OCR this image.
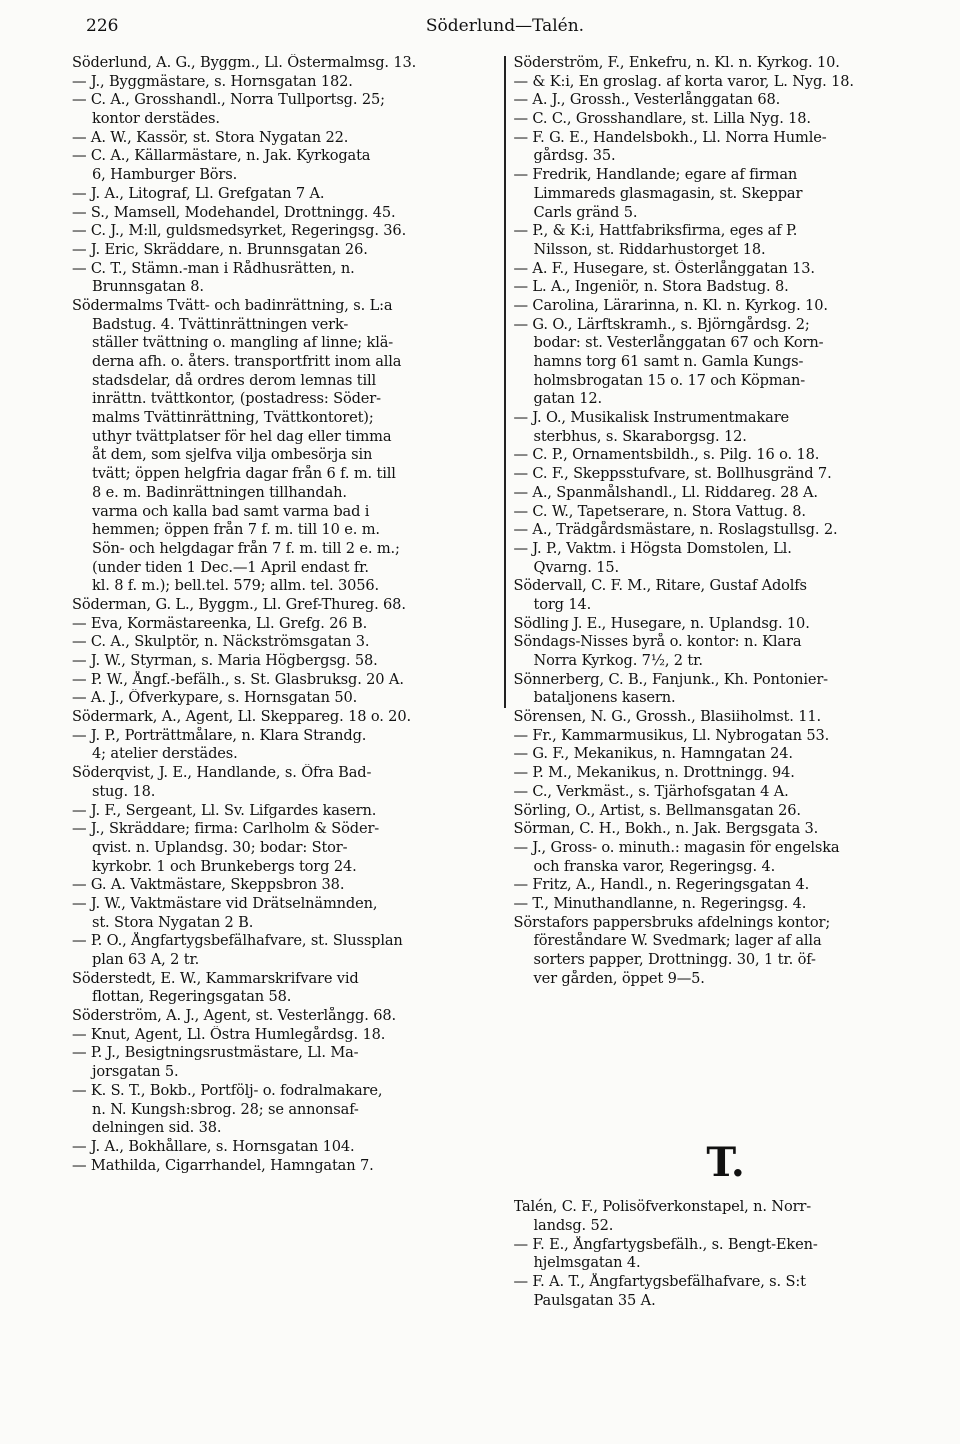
226	Söderlund—Talén.
Söderlund, A. G., Byggm., Ll. Östermalmsg. 13.
— J., Byggmästare, s. Hornsgatan 182.
— C. A., Grosshandl., Norra Tullportsg. 25;
kontor derstädes.
— A. W., Kassör, st. Stora Nygatan 22.
— C. A., Källarmästare, n. Jak. Kyrkogata
6, Hamburger Börs.
— J. A., Litograf, Ll. Grefgatan 7 A.
— S., Mamsell, Modehandel, Drottningg. 45.
— C. J., M:ll, guldsmedsyrket, Regeringsg. 36.
— J. Eric, Skräddare, n. Brunnsgatan 26.
— C. T., Stämn.-man i Rådhusrätten, n.
Brunnsgatan 8.
Södermalms Tvätt- och badinrättning, s. L:a
Badstug. 4. Tvättinrättningen verk-
ställer tvättning o. mangling af linne; klä-
derna afh. o. åters. transportfritt inom alla
stadsdelar, då ordres derom lemnas till
inrättn. tvättkontor, (postadress: Söder-
malms Tvättinrättning, Tvättkontoret);
uthyr tvättplatser för hel dag eller timma
åt dem, som sjelfva vilja ombesörja sin
tvätt; öppen helgfria dagar från 6 f. m. till
8 e. m. Badinrättningen tillhandah.
varma och kalla bad samt varma bad i
hemmen; öppen från 7 f. m. till 10 e. m.
Sön- och helgdagar från 7 f. m. till 2 e. m.;
(under tiden 1 Dec.—1 April endast fr.
kl. 8 f. m.); bell.tel. 579; allm. tel. 3056.
Söderman, G. L., Byggm., Ll. Gref-Thureg. 68.
— Eva, Kormästareenka, Ll. Grefg. 26 B.
— C. A., Skulptör, n. Näckströmsgatan 3.
— J. W., Styrman, s. Maria Högbergsg. 58.
— P. W., Ångf.-befälh., s. St. Glasbruksg. 20 A.
— A. J., Öfverkypare, s. Hornsgatan 50.
Södermark, A., Agent, Ll. Skeppareg. 18 o. 20.
— J. P., Porträttmålare, n. Klara Strandg.
4; atelier derstädes.
Söderqvist, J. E., Handlande, s. Öfra Bad-
stug. 18.
— J. F., Sergeant, Ll. Sv. Lifgardes kasern.
— J., Skräddare; firma: Carlholm & Söder-
qvist. n. Uplandsg. 30; bodar: Stor-
kyrkobr. 1 och Brunkebergs torg 24.
— G. A. Vaktmästare, Skeppsbron 38.
— J. W., Vaktmästare vid Drätselnämnden,
st. Stora Nygatan 2 B.
— P. O., Ångfartygsbefälhafvare, st. Slussplan
plan 63 A, 2 tr.
Söderstedt, E. W., Kammarskrifvare vid
flottan, Regeringsgatan 58.
Söderström, A. J., Agent, st. Vesterlångg. 68.
— Knut, Agent, Ll. Östra Humlegårdsg. 18.
— P. J., Besigtningsrustmästare, Ll. Ma-
jorsgatan 5.
— K. S. T., Bokb., Portfölj- o. fodralmakare,
n. N. Kungsh:sbrog. 28; se annonsaf-
delningen sid. 38.
— J. A., Bokhållare, s. Hornsgatan 104.
— Mathilda, Cigarrhandel, Hamngatan 7.
Söderström, F., Enkefru, n. Kl. n. Kyrkog. 10.
— & K:i, En groslag. af korta varor, L. Nyg. 18.
— A. J., Grossh., Vesterlånggatan 68.
— C. C., Grosshandlare, st. Lilla Nyg. 18.
— F. G. E., Handelsbokh., Ll. Norra Humle-
gårdsg. 35.
— Fredrik, Handlande; egare af firman
Limmareds glasmagasin, st. Skeppar
Carls gränd 5.
— P., & K:i, Hattfabriksfirma, eges af P.
Nilsson, st. Riddarhustorget 18.
— A. F., Husegare, st. Österlånggatan 13.
— L. A., Ingeniör, n. Stora Badstug. 8.
— Carolina, Lärarinna, n. Kl. n. Kyrkog. 10.
— G. O., Lärftskramh., s. Björngårdsg. 2;
bodar: st. Vesterlånggatan 67 och Korn-
hamns torg 61 samt n. Gamla Kungs-
holmsbrogatan 15 o. 17 och Köpman-
gatan 12.
— J. O., Musikalisk Instrumentmakare
sterbhus, s. Skaraborgsg. 12.
— C. P., Ornamentsbildh., s. Pilg. 16 o. 18.
— C. F., Skeppsstufvare, st. Bollhusgränd 7.
— A., Spanmålshandl., Ll. Riddareg. 28 A.
— C. W., Tapetserare, n. Stora Vattug. 8.
— A., Trädgårdsmästare, n. Roslagstullsg. 2.
— J. P., Vaktm. i Högsta Domstolen, Ll.
Qvarng. 15.
Södervall, C. F. M., Ritare, Gustaf Adolfs
torg 14.
Södling J. E., Husegare, n. Uplandsg. 10.
Söndags-Nisses byrå o. kontor: n. Klara
Norra Kyrkog. 7½, 2 tr.
Sönnerberg, C. B., Fanjunk., Kh. Pontonier-
bataljonens kasern.
Sörensen, N. G., Grossh., Blasiiholmst. 11.
— Fr., Kammarmusikus, Ll. Nybrogatan 53.
— G. F., Mekanikus, n. Hamngatan 24.
— P. M., Mekanikus, n. Drottningg. 94.
— C., Verkmäst., s. Tjärhofsgatan 4 A.
Sörling, O., Artist, s. Bellmansgatan 26.
Sörman, C. H., Bokh., n. Jak. Bergsgata 3.
— J., Gross- o. minuth.: magasin för engelska
och franska varor, Regeringsg. 4.
— Fritz, A., Handl., n. Regeringsgatan 4.
— T., Minuthandlanne, n. Regeringsg. 4.
Sörstafors pappersbruks afdelnings kontor;
föreståndare W. Svedmark; lager af alla
sorters papper, Drottningg. 30, 1 tr. öf-
ver gården, öppet 9—5.
T.
Talén, C. F., Polisöfverkonstapel, n. Norr-
landsg. 52.
— F. E., Ångfartygsbefälh., s. Bengt-Eken-
hjelmsgatan 4.
— F. A. T., Ångfartygsbefälhafvare, s. S:t
Paulsgatan 35 A.
